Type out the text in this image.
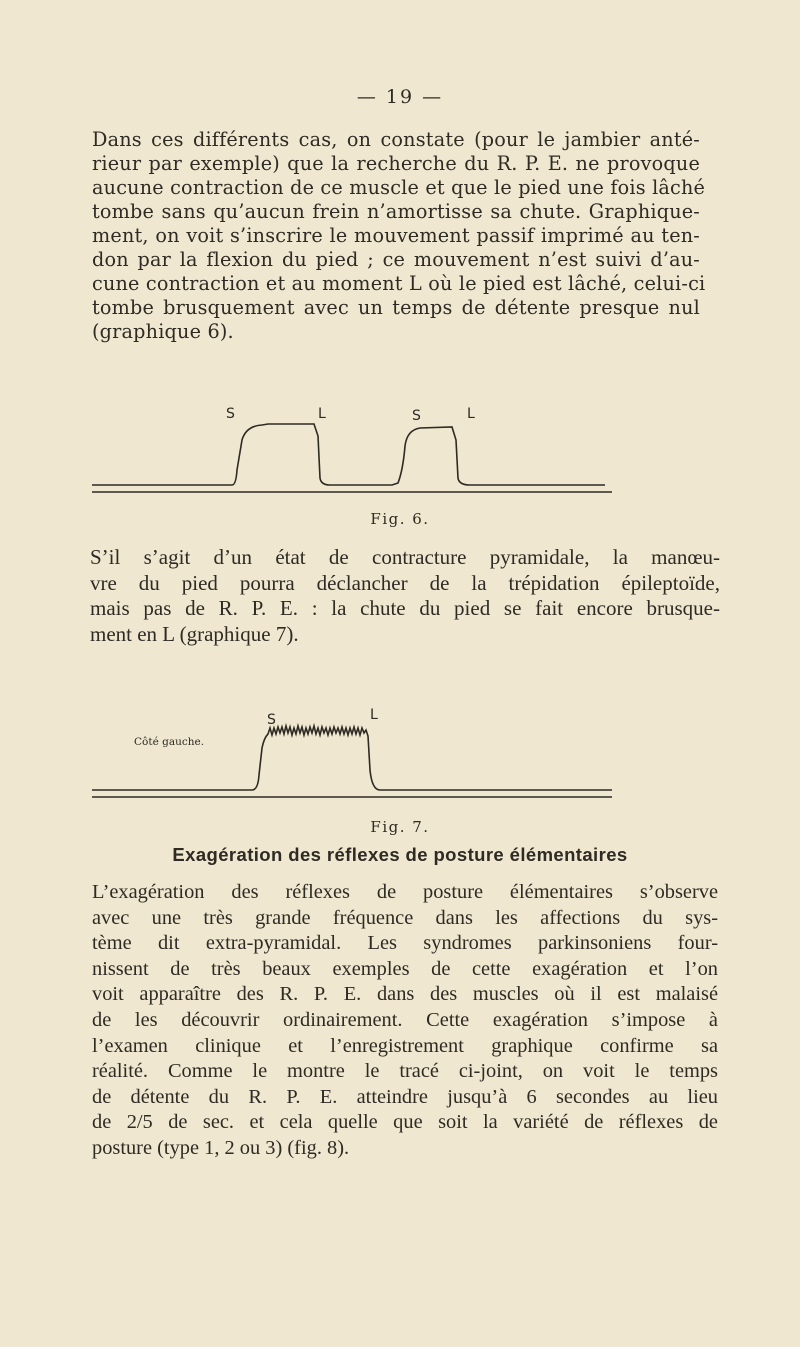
— 19 —
Dans ces différents cas, on constate (pour le jambier anté-
rieur par exemple) que la recherche du R. P. E. ne provoque
aucune contraction de ce muscle et que le pied une fois lâché
tombe sans qu’aucun frein n’amortisse sa chute. Graphique-
ment, on voit s’inscrire le mouvement passif imprimé au ten-
don par la flexion du pied ; ce mouvement n’est suivi d’au-
cune contraction et au moment L où le pied est lâché, celui-ci
tombe brusquement avec un temps de détente presque nul
(graphique 6).
S	L	S	L
Fig. 6.
S’il s’agit d’un état de contracture pyramidale, la manœu-
vre du pied pourra déclancher de la trépidation épileptoïde,
mais pas de R. P. E. : la chute du pied se fait encore brusque-
ment en L (graphique 7).
Côté gauche.
S	L
Fig. 7.
Exagération des réflexes de posture élémentaires
L’exagération des réflexes de posture élémentaires s’observe
avec une très grande fréquence dans les affections du sys-
tème dit extra-pyramidal. Les syndromes parkinsoniens four-
nissent de très beaux exemples de cette exagération et l’on
voit apparaître des R. P. E. dans des muscles où il est malaisé
de les découvrir ordinairement. Cette exagération s’impose à
l’examen clinique et l’enregistrement graphique confirme sa
réalité. Comme le montre le tracé ci-joint, on voit le temps
de détente du R. P. E. atteindre jusqu’à 6 secondes au lieu
de 2/5 de sec. et cela quelle que soit la variété de réflexes de
posture (type 1, 2 ou 3) (fig. 8).
